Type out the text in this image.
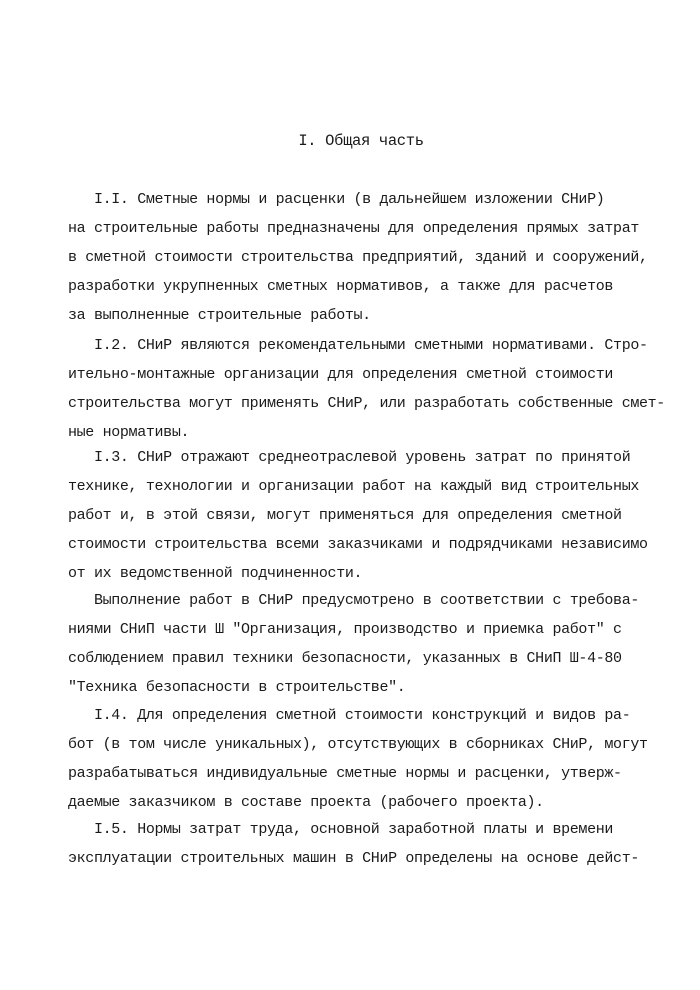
I. Общая часть
I.I. Сметные нормы и расценки (в дальнейшем изложении СНиР)
на строительные работы предназначены для определения прямых затрат
в сметной стоимости строительства предприятий, зданий и сооружений,
разработки укрупненных сметных нормативов, а также для расчетов
за выполненные строительные работы.
I.2. СНиР являются рекомендательными сметными нормативами. Стро-
ительно-монтажные организации для определения сметной стоимости
строительства могут применять СНиР, или разработать собственные смет-
ные нормативы.
I.3. СНиР отражают среднеотраслевой уровень затрат по принятой
технике, технологии и организации работ на каждый вид строительных
работ и, в этой связи, могут применяться для определения сметной
стоимости строительства всеми заказчиками и подрядчиками независимо
от их ведомственной подчиненности.
Выполнение работ в СНиР предусмотрено в соответствии с требова-
ниями СНиП части Ш "Организация, производство и приемка работ" с
соблюдением правил техники безопасности, указанных в СНиП Ш-4-80
"Техника безопасности в строительстве".
I.4. Для определения сметной стоимости конструкций и видов ра-
бот (в том числе уникальных), отсутствующих в сборниках СНиР, могут
разрабатываться индивидуальные сметные нормы и расценки, утверж-
даемые заказчиком в составе проекта (рабочего проекта).
I.5. Нормы затрат труда, основной заработной платы и времени
эксплуатации строительных машин в СНиР определены на основе дейст-
